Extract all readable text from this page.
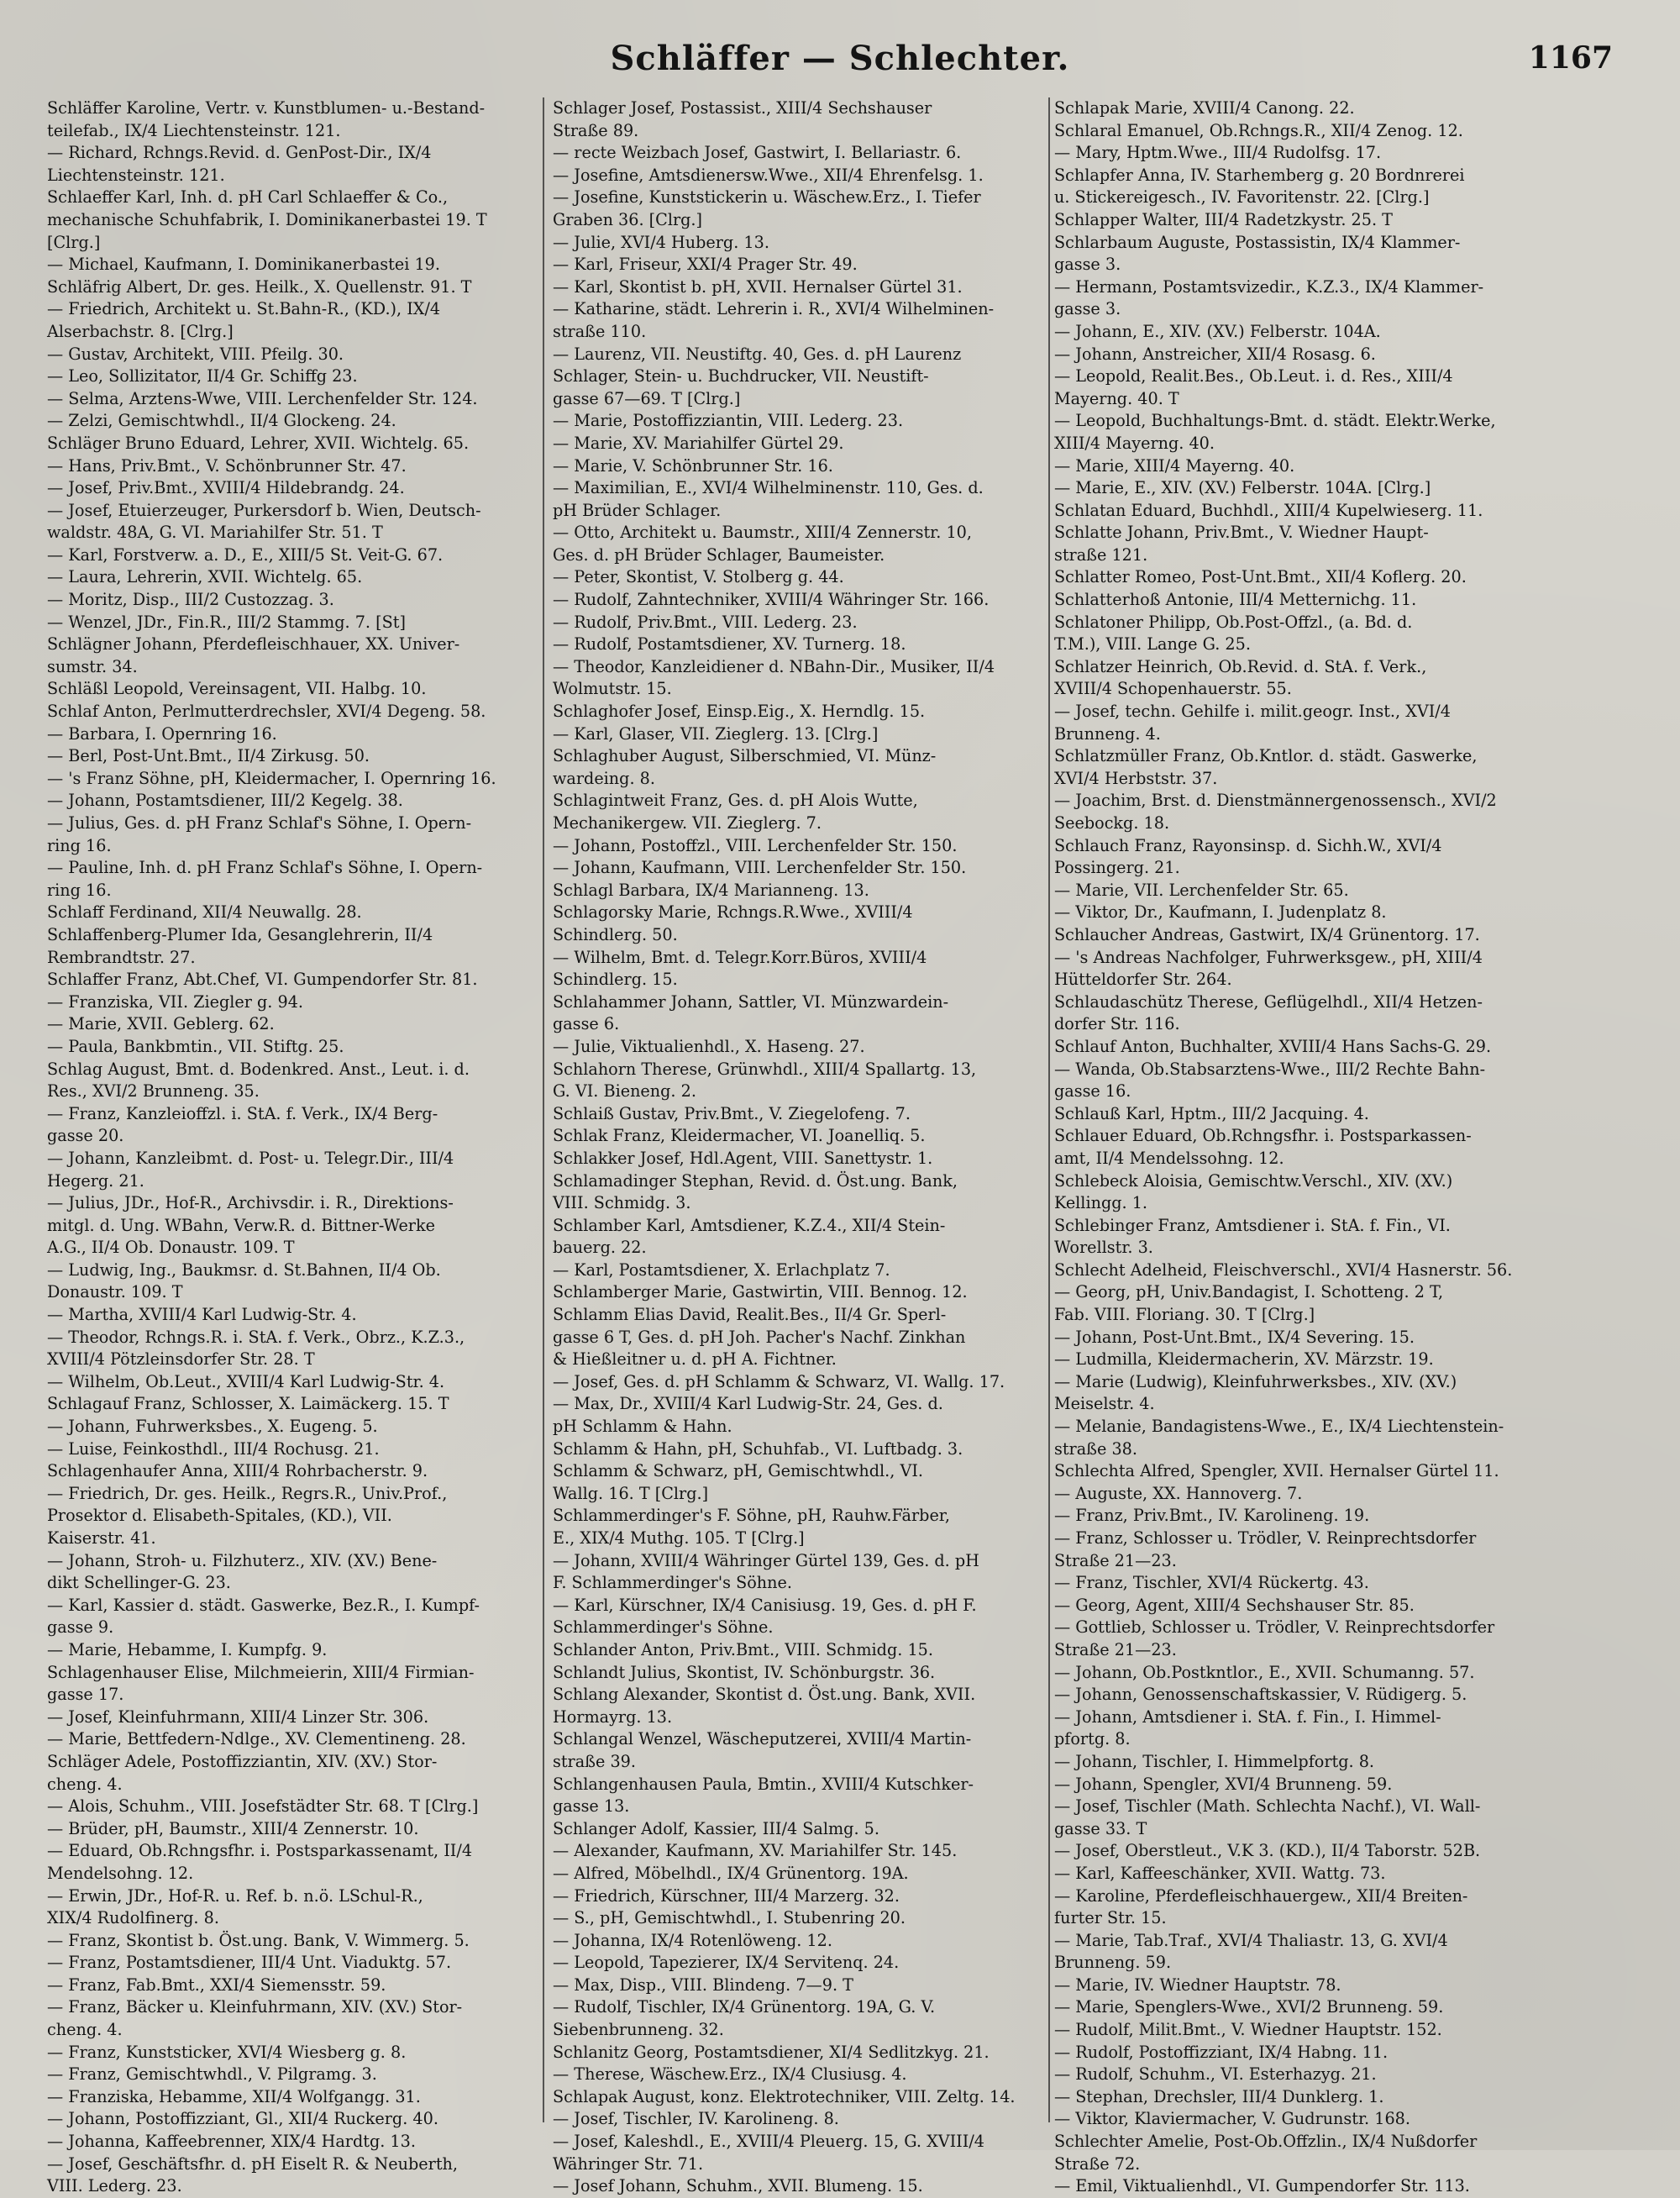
Schläffer — Schlechter.	1167
Schläffer Karoline, Vertr. v. Kunstblumen- u.-Bestand-
teilefab., IX/4 Liechtensteinstr. 121.
— Richard, Rchngs.Revid. d. GenPost-Dir., IX/4
Liechtensteinstr. 121.
Schlaeffer Karl, Inh. d. pH Carl Schlaeffer & Co.,
mechanische Schuhfabrik, I. Dominikanerbastei 19. T
[Clrg.]
— Michael, Kaufmann, I. Dominikanerbastei 19.
Schläfrig Albert, Dr. ges. Heilk., X. Quellenstr. 91. T
— Friedrich, Architekt u. St.Bahn-R., (KD.), IX/4
Alserbachstr. 8. [Clrg.]
— Gustav, Architekt, VIII. Pfeilg. 30.
— Leo, Sollizitator, II/4 Gr. Schiffg 23.
— Selma, Arztens-Wwe, VIII. Lerchenfelder Str. 124.
— Zelzi, Gemischtwhdl., II/4 Glockeng. 24.
Schläger Bruno Eduard, Lehrer, XVII. Wichtelg. 65.
— Hans, Priv.Bmt., V. Schönbrunner Str. 47.
— Josef, Priv.Bmt., XVIII/4 Hildebrandg. 24.
— Josef, Etuierzeuger, Purkersdorf b. Wien, Deutsch-
waldstr. 48A, G. VI. Mariahilfer Str. 51. T
— Karl, Forstverw. a. D., E., XIII/5 St. Veit-G. 67.
— Laura, Lehrerin, XVII. Wichtelg. 65.
— Moritz, Disp., III/2 Custozzag. 3.
— Wenzel, JDr., Fin.R., III/2 Stammg. 7. [St]
Schlägner Johann, Pferdefleischhauer, XX. Univer-
sumstr. 34.
Schläßl Leopold, Vereinsagent, VII. Halbg. 10.
Schlaf Anton, Perlmutterdrechsler, XVI/4 Degeng. 58.
— Barbara, I. Opernring 16.
— Berl, Post-Unt.Bmt., II/4 Zirkusg. 50.
— 's Franz Söhne, pH, Kleidermacher, I. Opernring 16.
— Johann, Postamtsdiener, III/2 Kegelg. 38.
— Julius, Ges. d. pH Franz Schlaf's Söhne, I. Opern-
ring 16.
— Pauline, Inh. d. pH Franz Schlaf's Söhne, I. Opern-
ring 16.
Schlaff Ferdinand, XII/4 Neuwallg. 28.
Schlaffenberg-Plumer Ida, Gesanglehrerin, II/4
Rembrandtstr. 27.
Schlaffer Franz, Abt.Chef, VI. Gumpendorfer Str. 81.
— Franziska, VII. Ziegler g. 94.
— Marie, XVII. Geblerg. 62.
— Paula, Bankbmtin., VII. Stiftg. 25.
Schlag August, Bmt. d. Bodenkred. Anst., Leut. i. d.
Res., XVI/2 Brunneng. 35.
— Franz, Kanzleioffzl. i. StA. f. Verk., IX/4 Berg-
gasse 20.
— Johann, Kanzleibmt. d. Post- u. Telegr.Dir., III/4
Hegerg. 21.
— Julius, JDr., Hof-R., Archivsdir. i. R., Direktions-
mitgl. d. Ung. WBahn, Verw.R. d. Bittner-Werke
A.G., II/4 Ob. Donaustr. 109. T
— Ludwig, Ing., Baukmsr. d. St.Bahnen, II/4 Ob.
Donaustr. 109. T
— Martha, XVIII/4 Karl Ludwig-Str. 4.
— Theodor, Rchngs.R. i. StA. f. Verk., Obrz., K.Z.3.,
XVIII/4 Pötzleinsdorfer Str. 28. T
— Wilhelm, Ob.Leut., XVIII/4 Karl Ludwig-Str. 4.
Schlagauf Franz, Schlosser, X. Laimäckerg. 15. T
— Johann, Fuhrwerksbes., X. Eugeng. 5.
— Luise, Feinkosthdl., III/4 Rochusg. 21.
Schlagenhaufer Anna, XIII/4 Rohrbacherstr. 9.
— Friedrich, Dr. ges. Heilk., Regrs.R., Univ.Prof.,
Prosektor d. Elisabeth-Spitales, (KD.), VII.
Kaiserstr. 41.
— Johann, Stroh- u. Filzhuterz., XIV. (XV.) Bene-
dikt Schellinger-G. 23.
— Karl, Kassier d. städt. Gaswerke, Bez.R., I. Kumpf-
gasse 9.
— Marie, Hebamme, I. Kumpfg. 9.
Schlagenhauser Elise, Milchmeierin, XIII/4 Firmian-
gasse 17.
— Josef, Kleinfuhrmann, XIII/4 Linzer Str. 306.
— Marie, Bettfedern-Ndlge., XV. Clementineng. 28.
Schläger Adele, Postoffizziantin, XIV. (XV.) Stor-
cheng. 4.
— Alois, Schuhm., VIII. Josefstädter Str. 68. T [Clrg.]
— Brüder, pH, Baumstr., XIII/4 Zennerstr. 10.
— Eduard, Ob.Rchngsfhr. i. Postsparkassenamt, II/4
Mendelsohng. 12.
— Erwin, JDr., Hof-R. u. Ref. b. n.ö. LSchul-R.,
XIX/4 Rudolfinerg. 8.
— Franz, Skontist b. Öst.ung. Bank, V. Wimmerg. 5.
— Franz, Postamtsdiener, III/4 Unt. Viaduktg. 57.
— Franz, Fab.Bmt., XXI/4 Siemensstr. 59.
— Franz, Bäcker u. Kleinfuhrmann, XIV. (XV.) Stor-
cheng. 4.
— Franz, Kunststicker, XVI/4 Wiesberg g. 8.
— Franz, Gemischtwhdl., V. Pilgramg. 3.
— Franziska, Hebamme, XII/4 Wolfgangg. 31.
— Johann, Postoffizziant, Gl., XII/4 Ruckerg. 40.
— Johanna, Kaffeebrenner, XIX/4 Hardtg. 13.
— Josef, Geschäftsfhr. d. pH Eiselt R. & Neuberth,
VIII. Lederg. 23.
Schlager Josef, Postassist., XIII/4 Sechshauser
Straße 89.
— recte Weizbach Josef, Gastwirt, I. Bellariastr. 6.
— Josefine, Amtsdienersw.Wwe., XII/4 Ehrenfelsg. 1.
— Josefine, Kunststickerin u. Wäschew.Erz., I. Tiefer
Graben 36. [Clrg.]
— Julie, XVI/4 Huberg. 13.
— Karl, Friseur, XXI/4 Prager Str. 49.
— Karl, Skontist b. pH, XVII. Hernalser Gürtel 31.
— Katharine, städt. Lehrerin i. R., XVI/4 Wilhelminen-
straße 110.
— Laurenz, VII. Neustiftg. 40, Ges. d. pH Laurenz
Schlager, Stein- u. Buchdrucker, VII. Neustift-
gasse 67—69. T [Clrg.]
— Marie, Postoffizziantin, VIII. Lederg. 23.
— Marie, XV. Mariahilfer Gürtel 29.
— Marie, V. Schönbrunner Str. 16.
— Maximilian, E., XVI/4 Wilhelminenstr. 110, Ges. d.
pH Brüder Schlager.
— Otto, Architekt u. Baumstr., XIII/4 Zennerstr. 10,
Ges. d. pH Brüder Schlager, Baumeister.
— Peter, Skontist, V. Stolberg g. 44.
— Rudolf, Zahntechniker, XVIII/4 Währinger Str. 166.
— Rudolf, Priv.Bmt., VIII. Lederg. 23.
— Rudolf, Postamtsdiener, XV. Turnerg. 18.
— Theodor, Kanzleidiener d. NBahn-Dir., Musiker, II/4
Wolmutstr. 15.
Schlaghofer Josef, Einsp.Eig., X. Herndlg. 15.
— Karl, Glaser, VII. Zieglerg. 13. [Clrg.]
Schlaghuber August, Silberschmied, VI. Münz-
wardeing. 8.
Schlagintweit Franz, Ges. d. pH Alois Wutte,
Mechanikergew. VII. Zieglerg. 7.
— Johann, Postoffzl., VIII. Lerchenfelder Str. 150.
— Johann, Kaufmann, VIII. Lerchenfelder Str. 150.
Schlagl Barbara, IX/4 Marianneng. 13.
Schlagorsky Marie, Rchngs.R.Wwe., XVIII/4
Schindlerg. 50.
— Wilhelm, Bmt. d. Telegr.Korr.Büros, XVIII/4
Schindlerg. 15.
Schlahammer Johann, Sattler, VI. Münzwardein-
gasse 6.
— Julie, Viktualienhdl., X. Haseng. 27.
Schlahorn Therese, Grünwhdl., XIII/4 Spallartg. 13,
G. VI. Bieneng. 2.
Schlaiß Gustav, Priv.Bmt., V. Ziegelofeng. 7.
Schlak Franz, Kleidermacher, VI. Joanelliq. 5.
Schlakker Josef, Hdl.Agent, VIII. Sanettystr. 1.
Schlamadinger Stephan, Revid. d. Öst.ung. Bank,
VIII. Schmidg. 3.
Schlamber Karl, Amtsdiener, K.Z.4., XII/4 Stein-
bauerg. 22.
— Karl, Postamtsdiener, X. Erlachplatz 7.
Schlamberger Marie, Gastwirtin, VIII. Bennog. 12.
Schlamm Elias David, Realit.Bes., II/4 Gr. Sperl-
gasse 6 T, Ges. d. pH Joh. Pacher's Nachf. Zinkhan
& Hießleitner u. d. pH A. Fichtner.
— Josef, Ges. d. pH Schlamm & Schwarz, VI. Wallg. 17.
— Max, Dr., XVIII/4 Karl Ludwig-Str. 24, Ges. d.
pH Schlamm & Hahn.
Schlamm & Hahn, pH, Schuhfab., VI. Luftbadg. 3.
Schlamm & Schwarz, pH, Gemischtwhdl., VI.
Wallg. 16. T [Clrg.]
Schlammerdinger's F. Söhne, pH, Rauhw.Färber,
E., XIX/4 Muthg. 105. T [Clrg.]
— Johann, XVIII/4 Währinger Gürtel 139, Ges. d. pH
F. Schlammerdinger's Söhne.
— Karl, Kürschner, IX/4 Canisiusg. 19, Ges. d. pH F.
Schlammerdinger's Söhne.
Schlander Anton, Priv.Bmt., VIII. Schmidg. 15.
Schlandt Julius, Skontist, IV. Schönburgstr. 36.
Schlang Alexander, Skontist d. Öst.ung. Bank, XVII.
Hormayrg. 13.
Schlangal Wenzel, Wäscheputzerei, XVIII/4 Martin-
straße 39.
Schlangenhausen Paula, Bmtin., XVIII/4 Kutschker-
gasse 13.
Schlanger Adolf, Kassier, III/4 Salmg. 5.
— Alexander, Kaufmann, XV. Mariahilfer Str. 145.
— Alfred, Möbelhdl., IX/4 Grünentorg. 19A.
— Friedrich, Kürschner, III/4 Marzerg. 32.
— S., pH, Gemischtwhdl., I. Stubenring 20.
— Johanna, IX/4 Rotenlöweng. 12.
— Leopold, Tapezierer, IX/4 Servitenq. 24.
— Max, Disp., VIII. Blindeng. 7—9. T
— Rudolf, Tischler, IX/4 Grünentorg. 19A, G. V.
Siebenbrunneng. 32.
Schlanitz Georg, Postamtsdiener, XI/4 Sedlitzkyg. 21.
— Therese, Wäschew.Erz., IX/4 Clusiusg. 4.
Schlapak August, konz. Elektrotechniker, VIII. Zeltg. 14.
— Josef, Tischler, IV. Karolineng. 8.
— Josef, Kaleshdl., E., XVIII/4 Pleuerg. 15, G. XVIII/4
Währinger Str. 71.
— Josef Johann, Schuhm., XVII. Blumeng. 15.
Schlapak Marie, XVIII/4 Canong. 22.
Schlaral Emanuel, Ob.Rchngs.R., XII/4 Zenog. 12.
— Mary, Hptm.Wwe., III/4 Rudolfsg. 17.
Schlapfer Anna, IV. Starhemberg g. 20 Bordnrerei
u. Stickereigesch., IV. Favoritenstr. 22. [Clrg.]
Schlapper Walter, III/4 Radetzkystr. 25. T
Schlarbaum Auguste, Postassistin, IX/4 Klammer-
gasse 3.
— Hermann, Postamtsvizedir., K.Z.3., IX/4 Klammer-
gasse 3.
— Johann, E., XIV. (XV.) Felberstr. 104A.
— Johann, Anstreicher, XII/4 Rosasg. 6.
— Leopold, Realit.Bes., Ob.Leut. i. d. Res., XIII/4
Mayerng. 40. T
— Leopold, Buchhaltungs-Bmt. d. städt. Elektr.Werke,
XIII/4 Mayerng. 40.
— Marie, XIII/4 Mayerng. 40.
— Marie, E., XIV. (XV.) Felberstr. 104A. [Clrg.]
Schlatan Eduard, Buchhdl., XIII/4 Kupelwieserg. 11.
Schlatte Johann, Priv.Bmt., V. Wiedner Haupt-
straße 121.
Schlatter Romeo, Post-Unt.Bmt., XII/4 Koflerg. 20.
Schlatterhoß Antonie, III/4 Metternichg. 11.
Schlatoner Philipp, Ob.Post-Offzl., (a. Bd. d.
T.M.), VIII. Lange G. 25.
Schlatzer Heinrich, Ob.Revid. d. StA. f. Verk.,
XVIII/4 Schopenhauerstr. 55.
— Josef, techn. Gehilfe i. milit.geogr. Inst., XVI/4
Brunneng. 4.
Schlatzmüller Franz, Ob.Kntlor. d. städt. Gaswerke,
XVI/4 Herbststr. 37.
— Joachim, Brst. d. Dienstmännergenossensch., XVI/2
Seebockg. 18.
Schlauch Franz, Rayonsinsp. d. Sichh.W., XVI/4
Possingerg. 21.
— Marie, VII. Lerchenfelder Str. 65.
— Viktor, Dr., Kaufmann, I. Judenplatz 8.
Schlaucher Andreas, Gastwirt, IX/4 Grünentorg. 17.
— 's Andreas Nachfolger, Fuhrwerksgew., pH, XIII/4
Hütteldorfer Str. 264.
Schlaudaschütz Therese, Geflügelhdl., XII/4 Hetzen-
dorfer Str. 116.
Schlauf Anton, Buchhalter, XVIII/4 Hans Sachs-G. 29.
— Wanda, Ob.Stabsarztens-Wwe., III/2 Rechte Bahn-
gasse 16.
Schlauß Karl, Hptm., III/2 Jacquing. 4.
Schlauer Eduard, Ob.Rchngsfhr. i. Postsparkassen-
amt, II/4 Mendelssohng. 12.
Schlebeck Aloisia, Gemischtw.Verschl., XIV. (XV.)
Kellingg. 1.
Schlebinger Franz, Amtsdiener i. StA. f. Fin., VI.
Worellstr. 3.
Schlecht Adelheid, Fleischverschl., XVI/4 Hasnerstr. 56.
— Georg, pH, Univ.Bandagist, I. Schotteng. 2 T,
Fab. VIII. Floriang. 30. T [Clrg.]
— Johann, Post-Unt.Bmt., IX/4 Severing. 15.
— Ludmilla, Kleidermacherin, XV. Märzstr. 19.
— Marie (Ludwig), Kleinfuhrwerksbes., XIV. (XV.)
Meiselstr. 4.
— Melanie, Bandagistens-Wwe., E., IX/4 Liechtenstein-
straße 38.
Schlechta Alfred, Spengler, XVII. Hernalser Gürtel 11.
— Auguste, XX. Hannoverg. 7.
— Franz, Priv.Bmt., IV. Karolineng. 19.
— Franz, Schlosser u. Trödler, V. Reinprechtsdorfer
Straße 21—23.
— Franz, Tischler, XVI/4 Rückertg. 43.
— Georg, Agent, XIII/4 Sechshauser Str. 85.
— Gottlieb, Schlosser u. Trödler, V. Reinprechtsdorfer
Straße 21—23.
— Johann, Ob.Postkntlor., E., XVII. Schumanng. 57.
— Johann, Genossenschaftskassier, V. Rüdigerg. 5.
— Johann, Amtsdiener i. StA. f. Fin., I. Himmel-
pfortg. 8.
— Johann, Tischler, I. Himmelpfortg. 8.
— Johann, Spengler, XVI/4 Brunneng. 59.
— Josef, Tischler (Math. Schlechta Nachf.), VI. Wall-
gasse 33. T
— Josef, Oberstleut., V.K 3. (KD.), II/4 Taborstr. 52B.
— Karl, Kaffeeschänker, XVII. Wattg. 73.
— Karoline, Pferdefleischhauergew., XII/4 Breiten-
furter Str. 15.
— Marie, Tab.Traf., XVI/4 Thaliastr. 13, G. XVI/4
Brunneng. 59.
— Marie, IV. Wiedner Hauptstr. 78.
— Marie, Spenglers-Wwe., XVI/2 Brunneng. 59.
— Rudolf, Milit.Bmt., V. Wiedner Hauptstr. 152.
— Rudolf, Postoffizziant, IX/4 Habng. 11.
— Rudolf, Schuhm., VI. Esterhazyg. 21.
— Stephan, Drechsler, III/4 Dunklerg. 1.
— Viktor, Klaviermacher, V. Gudrunstr. 168.
Schlechter Amelie, Post-Ob.Offzlin., IX/4 Nußdorfer
Straße 72.
— Emil, Viktualienhdl., VI. Gumpendorfer Str. 113.
